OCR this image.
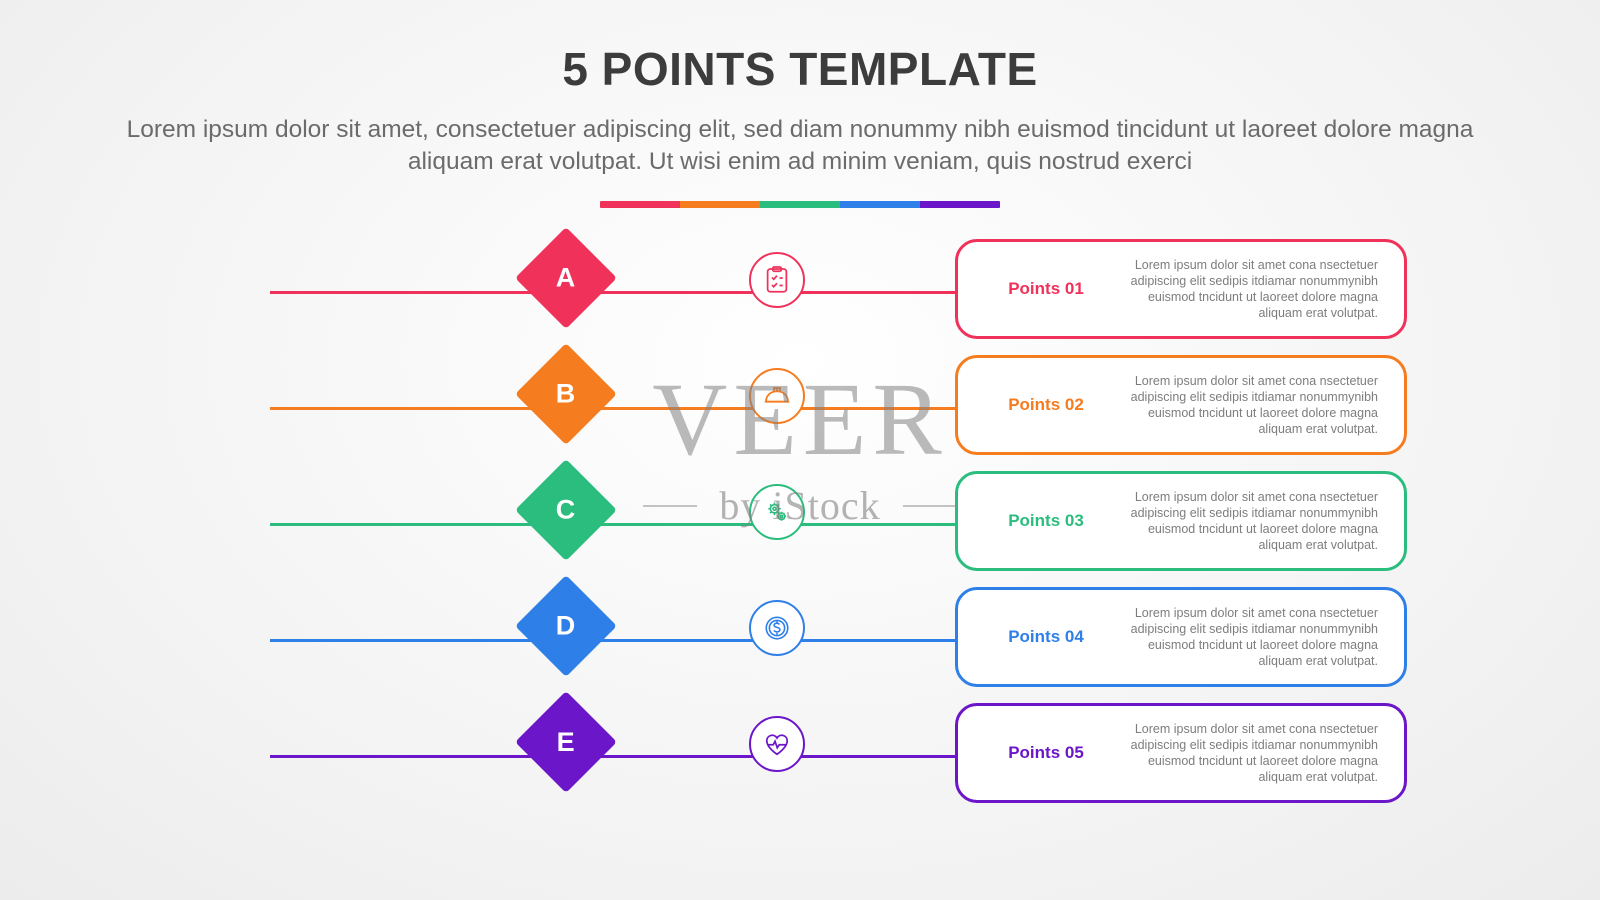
5 POINTS TEMPLATE

Lorem ipsum dolor sit amet, consectetuer adipiscing elit, sed diam nonummy nibh euismod tincidunt ut laoreet dolore magna aliquam erat volutpat. Ut wisi enim ad minim veniam, quis nostrud exerci

A	Points 01
Lorem ipsum dolor sit amet cona nsectetuer adipiscing elit sedipis itdiamar nonummynibh euismod tncidunt ut laoreet dolore magna aliquam erat volutpat.
B	Points 02
Lorem ipsum dolor sit amet cona nsectetuer adipiscing elit sedipis itdiamar nonummynibh euismod tncidunt ut laoreet dolore magna aliquam erat volutpat.
C	Points 03
Lorem ipsum dolor sit amet cona nsectetuer adipiscing elit sedipis itdiamar nonummynibh euismod tncidunt ut laoreet dolore magna aliquam erat volutpat.
D	Points 04
Lorem ipsum dolor sit amet cona nsectetuer adipiscing elit sedipis itdiamar nonummynibh euismod tncidunt ut laoreet dolore magna aliquam erat volutpat.
E	Points 05
Lorem ipsum dolor sit amet cona nsectetuer adipiscing elit sedipis itdiamar nonummynibh euismod tncidunt ut laoreet dolore magna aliquam erat volutpat.
VEER
by iStock
